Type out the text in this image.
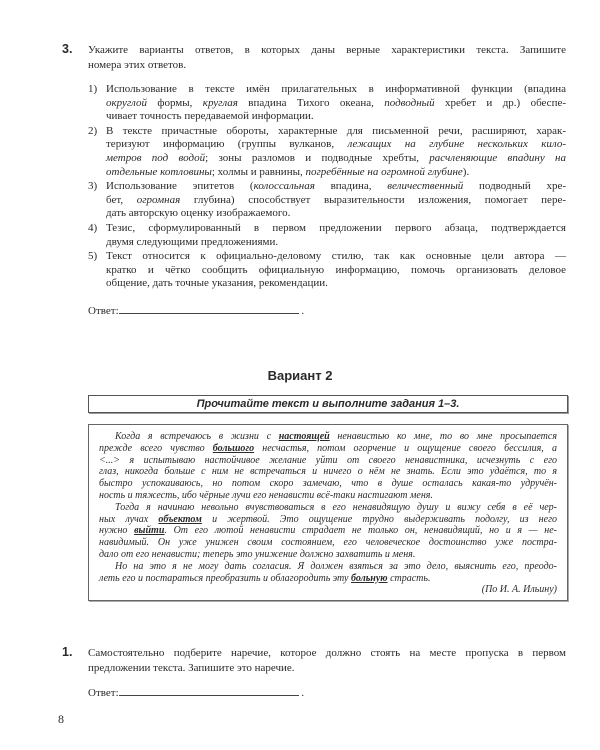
3. Укажите варианты ответов, в которых даны верные характеристики текста. Запишите
номера этих ответов.
1) Использование в тексте имён прилагательных в информативной функции (впадина
округлой формы, круглая впадина Тихого океана, подводный хребет и др.) обеспе-
чивает точность передаваемой информации.
2) В тексте причастные обороты, характерные для письменной речи, расширяют, харак-
теризуют информацию (группы вулканов, лежащих на глубине нескольких кило-
метров под водой; зоны разломов и подводные хребты, расчленяющие впадину на
отдельные котловины; холмы и равнины, погребённые на огромной глубине).
3) Использование эпитетов (колоссальная впадина, величественный подводный хре-
бет, огромная глубина) способствует выразительности изложения, помогает пере-
дать авторскую оценку изображаемого.
4) Тезис, сформулированный в первом предложении первого абзаца, подтверждается
двумя следующими предложениями.
5) Текст относится к официально-деловому стилю, так как основные цели автора —
кратко и чётко сообщить официальную информацию, помочь организовать деловое
общение, дать точные указания, рекомендации.
Ответ:	.
Вариант 2
Прочитайте текст и выполните задания 1–3.
Когда я встречаюсь в жизни с настоящей ненавистью ко мне, то во мне просыпается
прежде всего чувство большого несчастья, потом огорчение и ощущение своего бессилия, а
<...> я испытываю настойчивое желание уйти от своего ненавистника, исчезнуть с его
глаз, никогда больше с ним не встречаться и ничего о нём не знать. Если это удаётся, то я
быстро успокаиваюсь, но потом скоро замечаю, что в душе осталась какая-то удручён-
ность и тяжесть, ибо чёрные лучи его ненависти всё-таки настигают меня.
Тогда я начинаю невольно вчувствоваться в его ненавидящую душу и вижу себя в её чер-
ных лучах объектом и жертвой. Это ощущение трудно выдерживать подолгу, из него
нужно выйти. От его лютой ненависти страдает не только он, ненавидящий, но и я — не-
навидимый. Он уже унижен своим состоянием, его человеческое достоинство уже постра-
дало от его ненависти; теперь это унижение должно захватить и меня.
Но на это я не могу дать согласия. Я должен взяться за это дело, выяснить его, преодо-
леть его и постараться преобразить и облагородить эту больную страсть.
(По И. А. Ильину)
1. Самостоятельно подберите наречие, которое должно стоять на месте пропуска в первом
предложении текста. Запишите это наречие.
Ответ:	.
8
